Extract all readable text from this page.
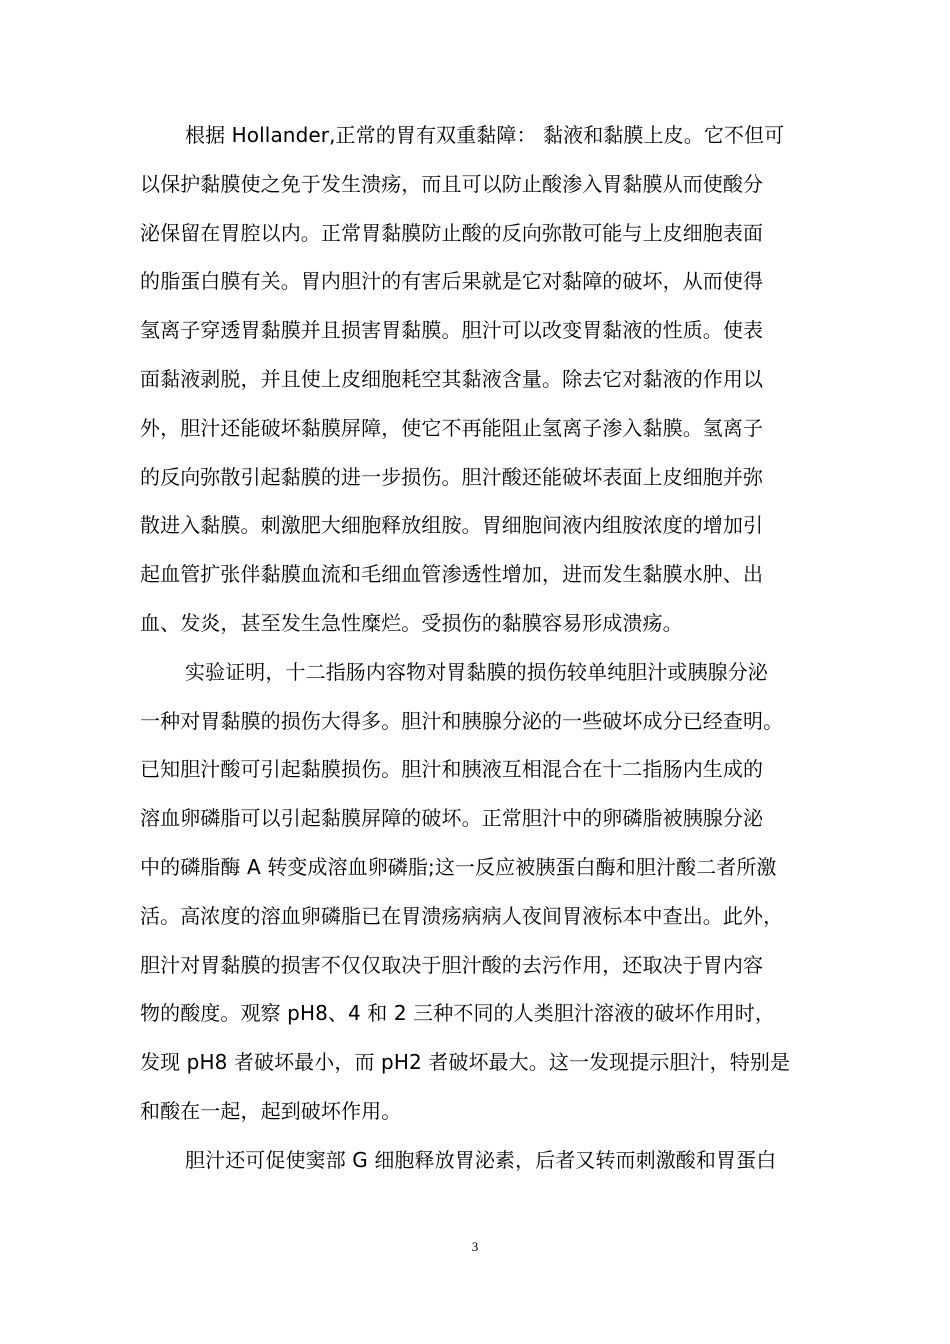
根据 Hollander,正常的胃有双重黏障： 黏液和黏膜上皮。它不但可
以保护黏膜使之免于发生溃疡，而且可以防止酸渗入胃黏膜从而使酸分
泌保留在胃腔以内。正常胃黏膜防止酸的反向弥散可能与上皮细胞表面
的脂蛋白膜有关。胃内胆汁的有害后果就是它对黏障的破坏，从而使得
氢离子穿透胃黏膜并且损害胃黏膜。胆汁可以改变胃黏液的性质。使表
面黏液剥脱，并且使上皮细胞耗空其黏液含量。除去它对黏液的作用以
外，胆汁还能破坏黏膜屏障，使它不再能阻止氢离子渗入黏膜。氢离子
的反向弥散引起黏膜的进一步损伤。胆汁酸还能破坏表面上皮细胞并弥
散进入黏膜。刺激肥大细胞释放组胺。胃细胞间液内组胺浓度的增加引
起血管扩张伴黏膜血流和毛细血管渗透性增加，进而发生黏膜水肿、出
血、发炎，甚至发生急性糜烂。受损伤的黏膜容易形成溃疡。
实验证明，十二指肠内容物对胃黏膜的损伤较单纯胆汁或胰腺分泌
一种对胃黏膜的损伤大得多。胆汁和胰腺分泌的一些破坏成分已经查明。
已知胆汁酸可引起黏膜损伤。胆汁和胰液互相混合在十二指肠内生成的
溶血卵磷脂可以引起黏膜屏障的破坏。正常胆汁中的卵磷脂被胰腺分泌
中的磷脂酶 A 转变成溶血卵磷脂;这一反应被胰蛋白酶和胆汁酸二者所激
活。高浓度的溶血卵磷脂已在胃溃疡病病人夜间胃液标本中查出。此外，
胆汁对胃黏膜的损害不仅仅取决于胆汁酸的去污作用，还取决于胃内容
物的酸度。观察 pH8、4 和 2 三种不同的人类胆汁溶液的破坏作用时，
发现 pH8 者破坏最小，而 pH2 者破坏最大。这一发现提示胆汁，特别是
和酸在一起，起到破坏作用。
胆汁还可促使窦部 G 细胞释放胃泌素，后者又转而刺激酸和胃蛋白
3
